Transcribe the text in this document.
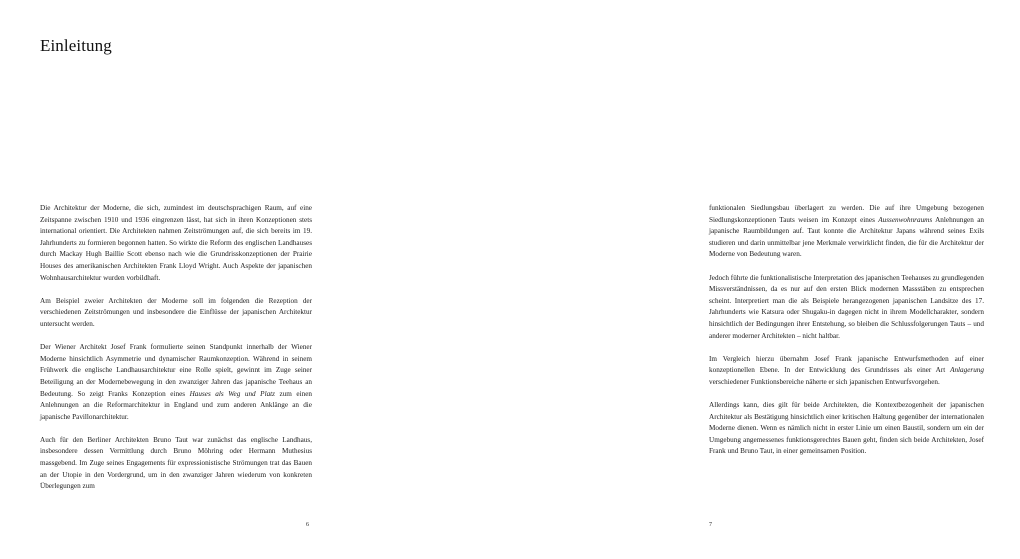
Einleitung

Die Architektur der Moderne, die sich, zumindest im deutschsprachigen Raum, auf eine Zeitspanne zwischen 1910 und 1936 eingrenzen lässt, hat sich in ihren Konzeptionen stets international orientiert. Die Architekten nahmen Zeitströmungen auf, die sich bereits im 19. Jahrhunderts zu formieren begonnen hatten. So wirkte die Reform des englischen Landhauses durch Mackay Hugh Baillie Scott ebenso nach wie die Grundrisskonzeptionen der Prairie Houses des amerikanischen Architekten Frank Lloyd Wright. Auch Aspekte der japanischen Wohnhausarchitektur wurden vorbildhaft.

Am Beispiel zweier Architekten der Moderne soll im folgenden die Rezeption der verschiedenen Zeitströmungen und insbesondere die Einflüsse der japanischen Architektur untersucht werden.

Der Wiener Architekt Josef Frank formulierte seinen Standpunkt innerhalb der Wiener Moderne hinsichtlich Asymmetrie und dynamischer Raumkonzeption. Während in seinem Frühwerk die englische Landhausarchitektur eine Rolle spielt, gewinnt im Zuge seiner Beteiligung an der Modernebewegung in den zwanziger Jahren das japanische Teehaus an Bedeutung. So zeigt Franks Konzeption eines Hauses als Weg und Platz zum einen Anlehnungen an die Reformarchitektur in England und zum anderen Anklänge an die japanische Pavillonarchitektur.

Auch für den Berliner Architekten Bruno Taut war zunächst das englische Landhaus, insbesondere dessen Vermittlung durch Bruno Möhring oder Hermann Muthesius massgebend. Im Zuge seines Engagements für expressionistische Strömungen trat das Bauen an der Utopie in den Vordergrund, um in den zwanziger Jahren wiederum von konkreten Überlegungen zum

6

funktionalen Siedlungsbau überlagert zu werden. Die auf ihre Umgebung bezogenen Siedlungskonzeptionen Tauts weisen im Konzept eines Aussenwohnraums Anlehnungen an japanische Raumbildungen auf. Taut konnte die Architektur Japans während seines Exils studieren und darin unmittelbar jene Merkmale verwirklicht finden, die für die Architektur der Moderne von Bedeutung waren.

Jedoch führte die funktionalistische Interpretation des japanischen Teehauses zu grundlegenden Missverständnissen, da es nur auf den ersten Blick modernen Massstäben zu entsprechen scheint. Interpretiert man die als Beispiele herangezogenen japanischen Landsitze des 17. Jahrhunderts wie Katsura oder Shugaku-in dagegen nicht in ihrem Modellcharakter, sondern hinsichtlich der Bedingungen ihrer Entstehung, so bleiben die Schlussfolgerungen Tauts – und anderer moderner Architekten – nicht haltbar.

Im Vergleich hierzu übernahm Josef Frank japanische Entwurfsmethoden auf einer konzeptionellen Ebene. In der Entwicklung des Grundrisses als einer Art Anlagerung verschiedener Funktionsbereiche näherte er sich japanischen Entwurfsvorgehen.

Allerdings kann, dies gilt für beide Architekten, die Kontextbezogenheit der japanischen Architektur als Bestätigung hinsichtlich einer kritischen Haltung gegenüber der internationalen Moderne dienen. Wenn es nämlich nicht in erster Linie um einen Baustil, sondern um ein der Umgebung angemessenes funktionsgerechtes Bauen geht, finden sich beide Architekten, Josef Frank und Bruno Taut, in einer gemeinsamen Position.

7
